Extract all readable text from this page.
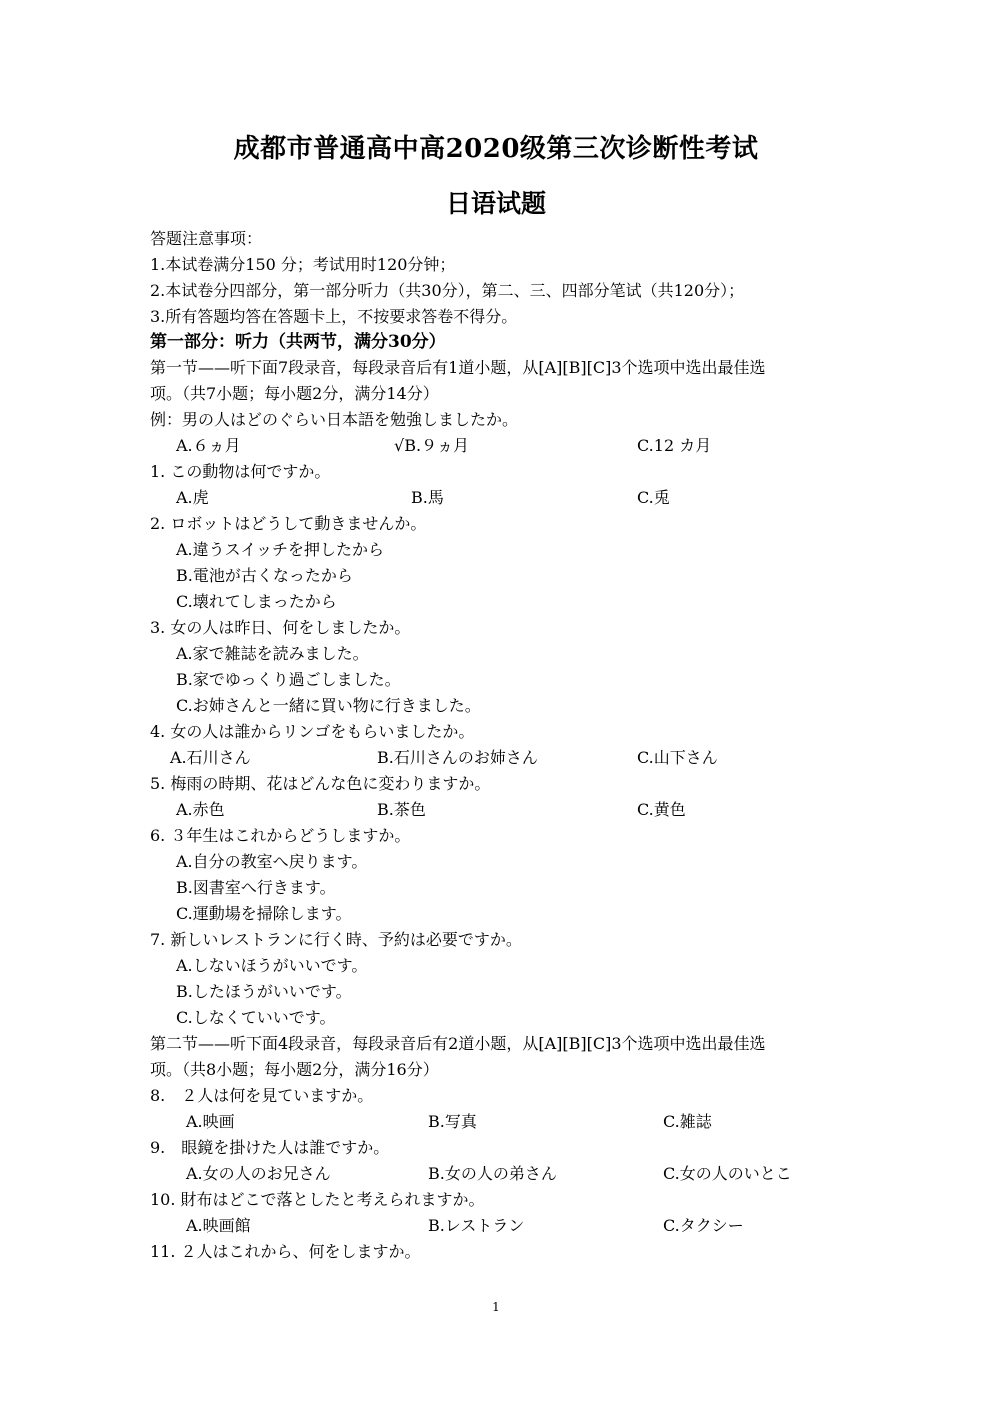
成都市普通高中高2020级第三次诊断性考试
日语试题
答题注意事项：
1.本试卷满分150 分；考试用时120分钟；
2.本试卷分四部分，第一部分听力（共30分），第二、三、四部分笔试（共120分）；
3.所有答题均答在答题卡上，不按要求答卷不得分。
第一部分：听力（共两节，满分30分）
第一节——听下面7段录音，每段录音后有1道小题，从[A][B][C]3个选项中选出最佳选
项。（共7小题；每小题2分，满分14分）
例：男の人はどのぐらい日本語を勉強しましたか。
A.６ヵ月	√B.９ヵ月	C.12 カ月
1. この動物は何ですか。
A.虎	B.馬	C.兎
2. ロボットはどうして動きませんか。
A.違うスイッチを押したから
B.電池が古くなったから
C.壊れてしまったから
3. 女の人は昨日、何をしましたか。
A.家で雑誌を読みました。
B.家でゆっくり過ごしました。
C.お姉さんと一緒に買い物に行きました。
4. 女の人は誰からリンゴをもらいましたか。
A.石川さん	B.石川さんのお姉さん	C.山下さん
5. 梅雨の時期、花はどんな色に変わりますか。
A.赤色	B.茶色	C.黄色
6. ３年生はこれからどうしますか。
A.自分の教室へ戻ります。
B.図書室へ行きます。
C.運動場を掃除します。
7. 新しいレストランに行く時、予約は必要ですか。
A.しないほうがいいです。
B.したほうがいいです。
C.しなくていいです。
第二节——听下面4段录音，每段录音后有2道小题，从[A][B][C]3个选项中选出最佳选
项。（共8小题；每小题2分，满分16分）
8.　２人は何を見ていますか。
A.映画	B.写真	C.雑誌
9.　眼鏡を掛けた人は誰ですか。
A.女の人のお兄さん	B.女の人の弟さん	C.女の人のいとこ
10. 財布はどこで落としたと考えられますか。
A.映画館	B.レストラン	C.タクシー
11. ２人はこれから、何をしますか。
1
